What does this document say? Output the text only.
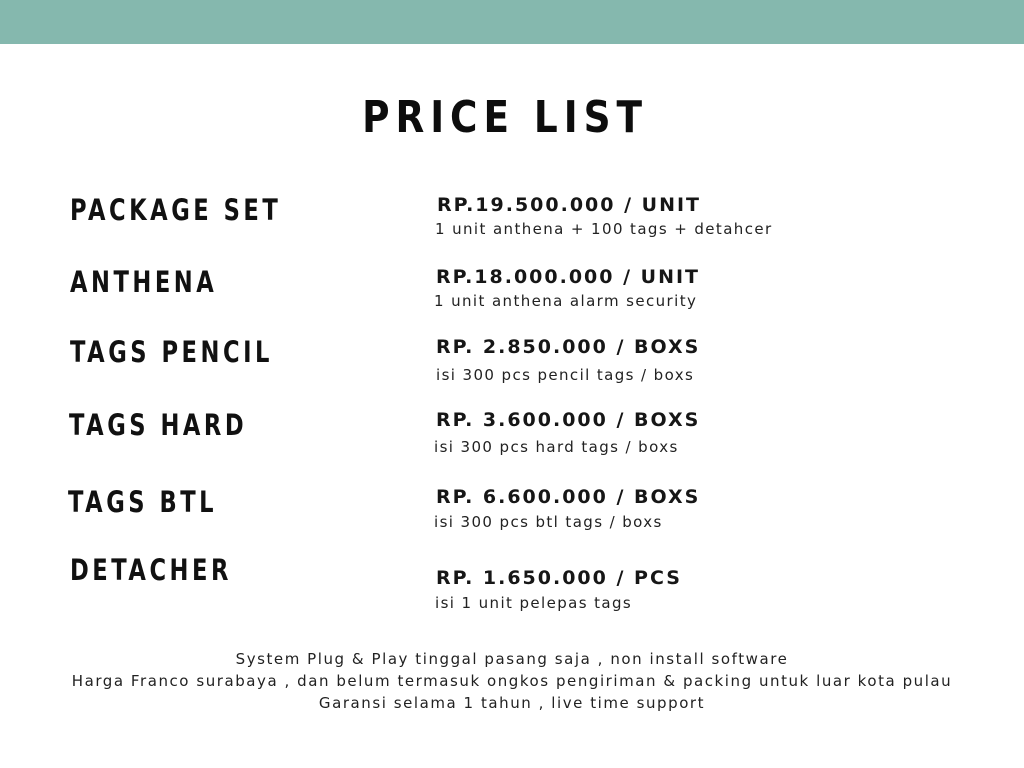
PRICE LIST
PACKAGE SET	RP.19.500.000 / UNIT
1 unit anthena + 100 tags + detahcer
ANTHENA	RP.18.000.000 / UNIT
1 unit anthena alarm security
TAGS PENCIL	RP. 2.850.000 / BOXS
isi 300 pcs pencil tags / boxs
TAGS HARD	RP. 3.600.000 / BOXS
isi 300 pcs hard tags / boxs
TAGS BTL	RP. 6.600.000 / BOXS
isi 300 pcs btl tags / boxs
DETACHER	RP. 1.650.000 / PCS
isi 1 unit pelepas tags
System Plug & Play tinggal pasang saja , non install software
Harga Franco surabaya , dan belum termasuk ongkos pengiriman & packing untuk luar kota pulau
Garansi selama 1 tahun , live time support
